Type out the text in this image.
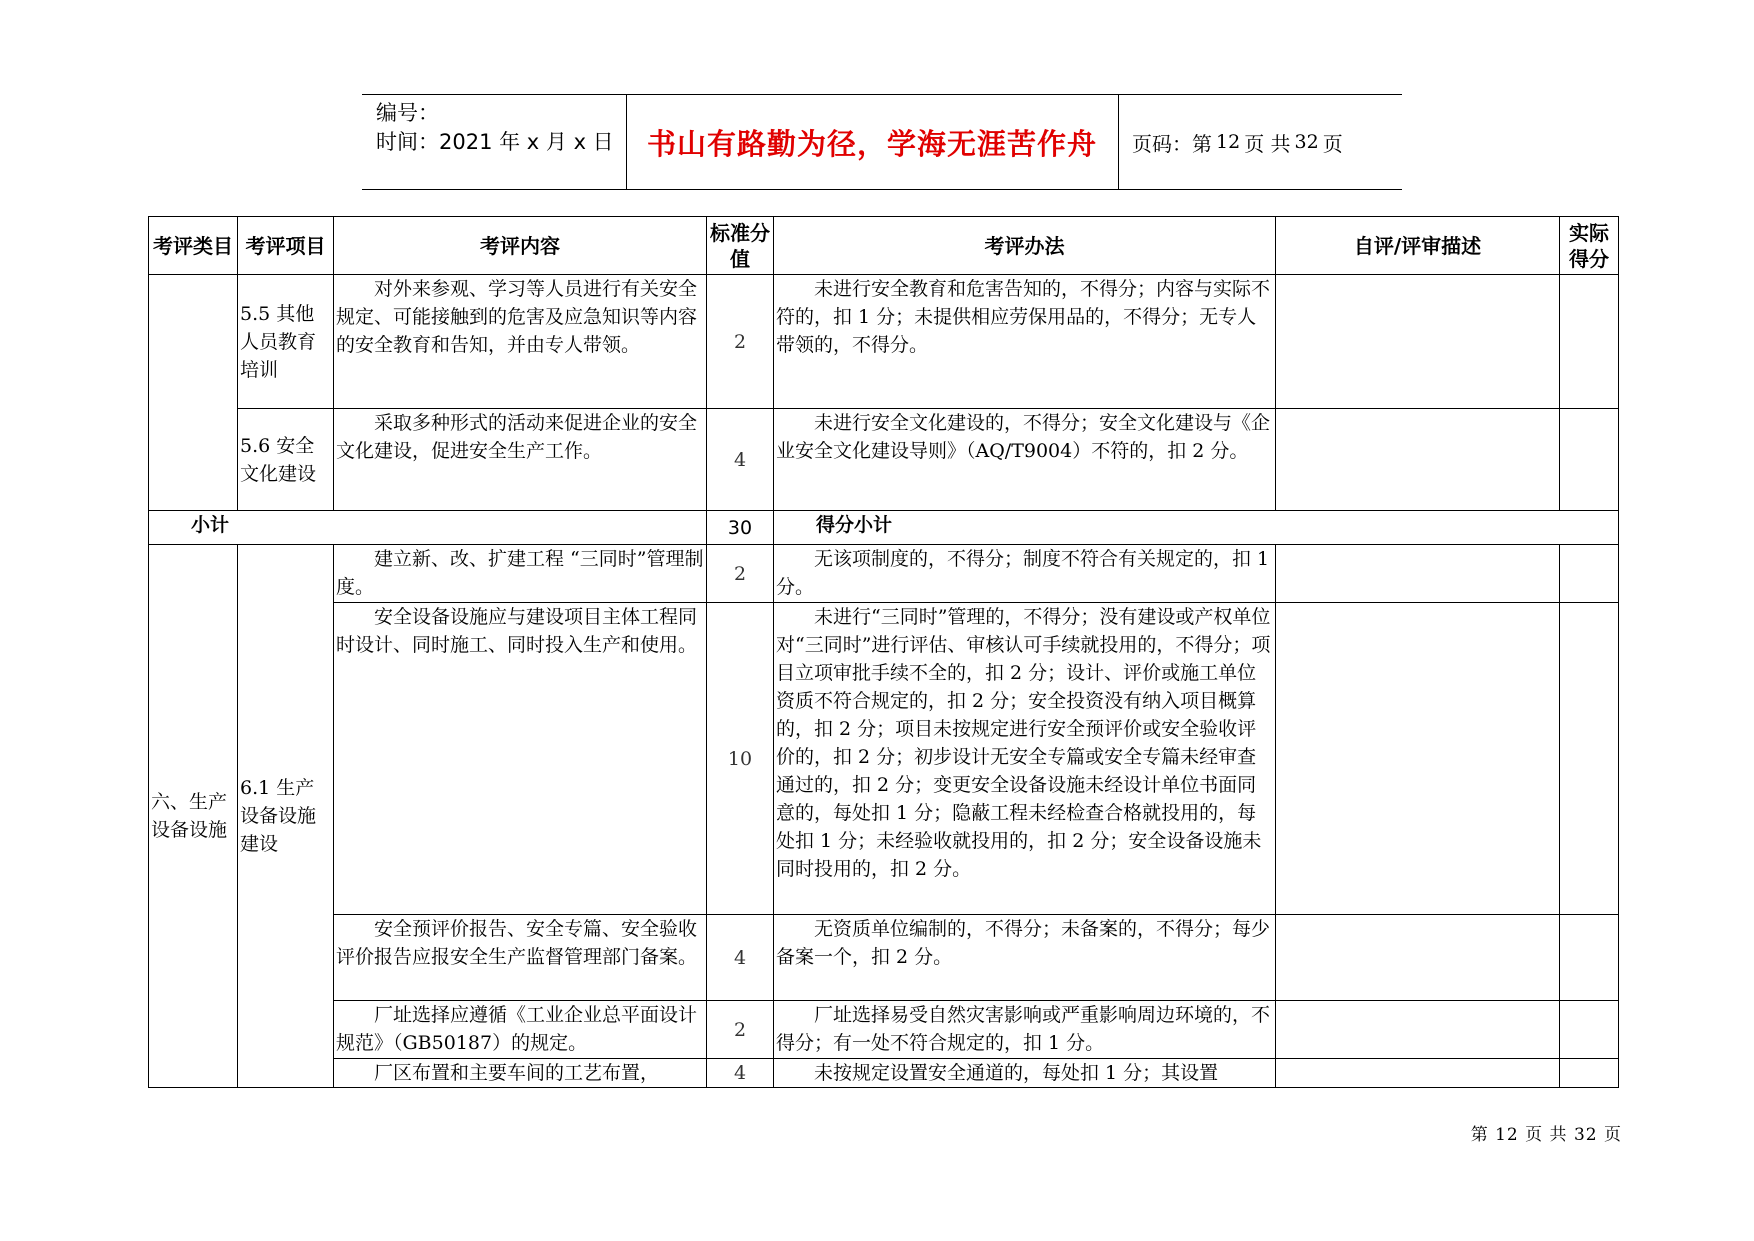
编号：
时间：2021 年 x 月 x 日	书山有路勤为径，学海无涯苦作舟	页码：第 12 页 共 32 页
考评类目	考评项目	考评内容	标准分值	考评办法	自评/评审描述	实际得分
	5.5 其他人员教育培训	对外来参观、学习等人员进行有关安全规定、可能接触到的危害及应急知识等内容的安全教育和告知，并由专人带领。	2	未进行安全教育和危害告知的，不得分；内容与实际不符的，扣 1 分；未提供相应劳保用品的，不得分；无专人带领的，不得分。		
	5.6 安全文化建设	采取多种形式的活动来促进企业的安全文化建设，促进安全生产工作。	4	未进行安全文化建设的，不得分；安全文化建设与《企业安全文化建设导则》（AQ/T9004）不符的，扣 2 分。		
小计			30	得分小计		
六、生产设备设施	6.1 生产设备设施建设	建立新、改、扩建工程 “三同时”管理制度。	2	无该项制度的，不得分；制度不符合有关规定的，扣 1 分。		
		安全设备设施应与建设项目主体工程同时设计、同时施工、同时投入生产和使用。	10	未进行“三同时”管理的，不得分；没有建设或产权单位对“三同时”进行评估、审核认可手续就投用的，不得分；项目立项审批手续不全的，扣 2 分；设计、评价或施工单位资质不符合规定的，扣 2 分；安全投资没有纳入项目概算的，扣 2 分；项目未按规定进行安全预评价或安全验收评价的，扣 2 分；初步设计无安全专篇或安全专篇未经审查通过的，扣 2 分；变更安全设备设施未经设计单位书面同意的，每处扣 1 分；隐蔽工程未经检查合格就投用的，每处扣 1 分；未经验收就投用的，扣 2 分；安全设备设施未同时投用的，扣 2 分。		
		安全预评价报告、安全专篇、安全验收评价报告应报安全生产监督管理部门备案。	4	无资质单位编制的，不得分；未备案的，不得分；每少备案一个，扣 2 分。		
		厂址选择应遵循《工业企业总平面设计规范》（GB50187）的规定。	2	厂址选择易受自然灾害影响或严重影响周边环境的，不得分；有一处不符合规定的，扣 1 分。		
		厂区布置和主要车间的工艺布置，	4	未按规定设置安全通道的，每处扣 1 分；其设置		
第 12 页 共 32 页
